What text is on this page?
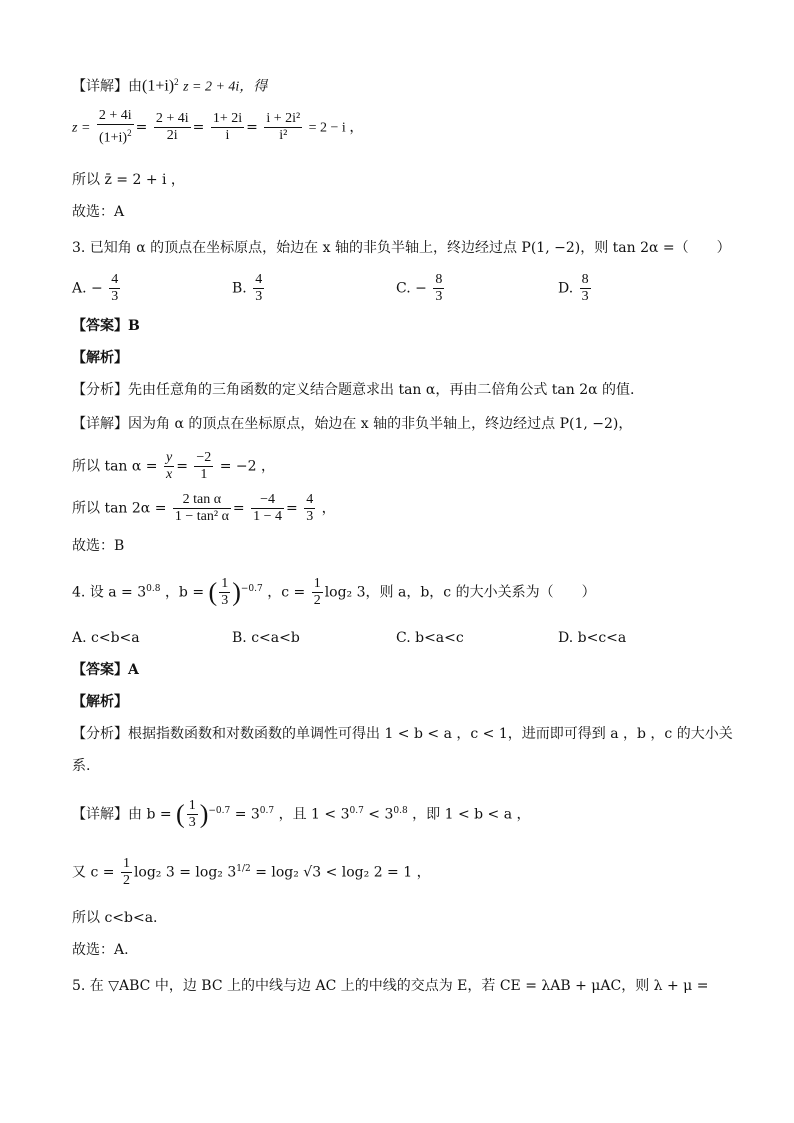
【详解】由$(1+i)^2$ z = 2 + 4i，得
$z = \frac{2 + 4i}{(1+i)^2} = \frac{2 + 4i}{2i} = \frac{1+ 2i}{i} = \frac{\text{i + 2i²}}{\text{i²}} = 2 - i$ ，
所以 z̄ = 2 + i ，
故选：A
3. 已知角 α 的顶点在坐标原点，始边在 x 轴的非负半轴上，终边经过点 P(1, −2)，则 tan 2α =（　　）
A. − $\frac{4}{3}$	B. $\frac{4}{3}$	C. − $\frac{8}{3}$	D. $\frac{8}{3}$
【答案】B
【解析】
【分析】先由任意角的三角函数的定义结合题意求出 tan α，再由二倍角公式 tan 2α 的值.
【详解】因为角 α 的顶点在坐标原点，始边在 x 轴的非负半轴上，终边经过点 P(1, −2)，
所以 $\tan \alpha = \frac{y}{x} = \frac{-2}{1} = -2$ ，
所以 $\tan 2\alpha = \frac{\text{2 tan α}}{\text{1 − tan² α}} = \frac{-4}{1 - 4} = \frac{4}{3}$ ，
故选：B
4. 设 $a = 3^{0.8}$ ，b = ( $\frac{1}{3} )^{-0.7}$ ，$c = \frac{1}{2} \log_2$ 3，则 a，b，c 的大小关系为（　　）
A. c<b<a	B. c<a<b	C. b<a<c	D. b<c<a
【答案】A
【解析】
【分析】根据指数函数和对数函数的单调性可得出 1 < b < a ，c < 1，进而即可得到 a ，b ，c 的大小关
系.
【详解】由 b = ( $\frac{1}{3} )^{-0.7} = 3^{0.7}$ ，且 $1 < 3^{0.7} < 3^{0.8}$ ，即 1 < b < a ，
又 $c = \frac{1}{2} \log_2$ 3 = log₂ $3^{1/2} = \log_2$ √3 < log₂ 2 = 1 ，
所以 c<b<a.
故选：A.
5. 在 ▽ABC 中，边 BC 上的中线与边 AC 上的中线的交点为 E，若 CE = λAB + μAC，则 λ + μ =
